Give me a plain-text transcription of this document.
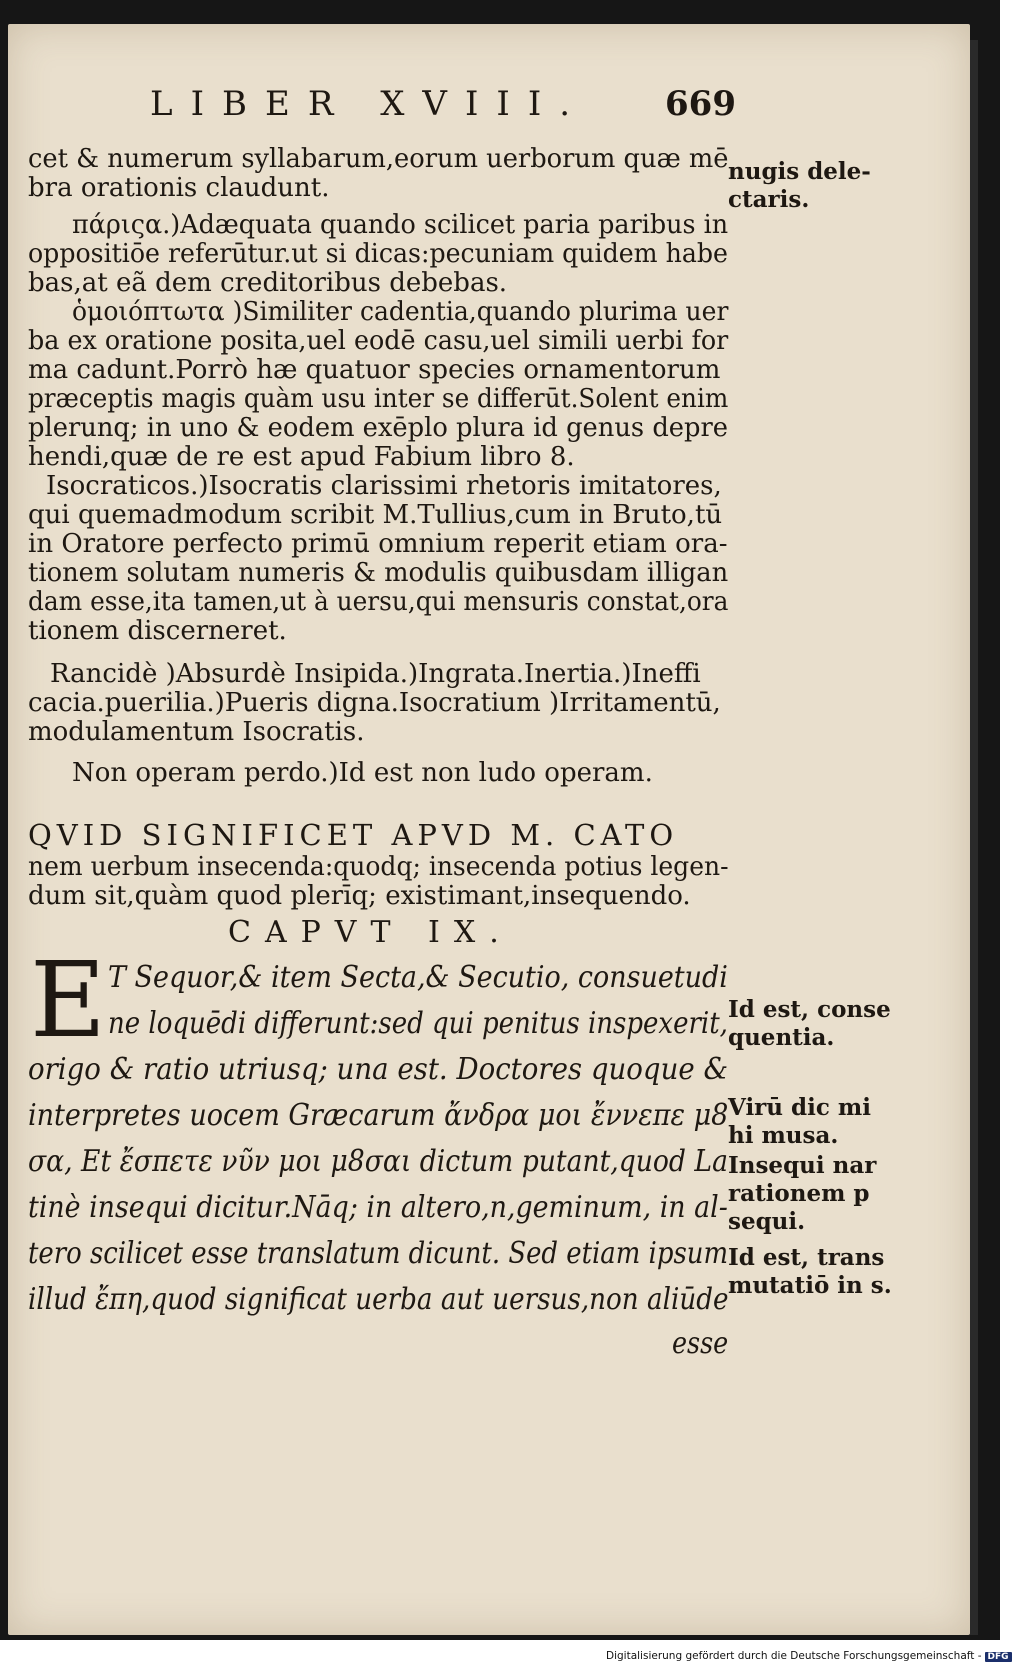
LIBER XVIII. 669
cet & numerum syllabarum,eorum uerborum quæ mē
bra orationis claudunt.
πάριςα.)Adæquata quando scilicet paria paribus in
oppositiōe referūtur.ut si dicas:pecuniam quidem habe
bas,at eã dem creditoribus debebas.
ὁμοιόπτωτα )Similiter cadentia,quando plurima uer
ba ex oratione posita,uel eodē casu,uel simili uerbi for
ma cadunt.Porrò hæ quatuor species ornamentorum
præceptis magis quàm usu inter se differūt.Solent enim
plerunq; in uno & eodem exēplo plura id genus depre
hendi,quæ de re est apud Fabium libro 8.
Isocraticos.)Isocratis clarissimi rhetoris imitatores,
qui quemadmodum scribit M.Tullius,cum in Bruto,tū
in Oratore perfecto primū omnium reperit etiam ora-
tionem solutam numeris & modulis quibusdam illigan
dam esse,ita tamen,ut à uersu,qui mensuris constat,ora
tionem discerneret.
Rancidè )Absurdè Insipida.)Ingrata.Inertia.)Ineffi
cacia.puerilia.)Pueris digna.Isocratium )Irritamentū,
modulamentum Isocratis.
Non operam perdo.)Id est non ludo operam.
QVID SIGNIFICET APVD M. CATO
nem uerbum insecenda:quodq; insecenda potius legen-
dum sit,quàm quod plerīq; existimant,insequendo.
CAPVT IX.
E T Sequor,& item Secta,& Secutio, consuetudi
ne loquēdi differunt:sed qui penitus inspexerit,
origo & ratio utriusq; una est. Doctores quoque &
interpretes uocem Græcarum ἄνδρα μοι ἔννεπε μ8
σα, Et ἔσπετε νῦν μοι μ8σαι dictum putant,quod La
tinè insequi dicitur.Nāq; in altero,n,geminum, in al-
tero scilicet esse translatum dicunt. Sed etiam ipsum
illud ἔπη,quod significat uerba aut uersus,non aliūde
esse
nugis dele-
ctaris.
Id est, conse
quentia.
Virū dic mi
hi musa.
Insequi nar
rationem p
sequi.
Id est, trans
mutatiō in s.
Digitalisierung gefördert durch die Deutsche Forschungsgemeinschaft - DFG
